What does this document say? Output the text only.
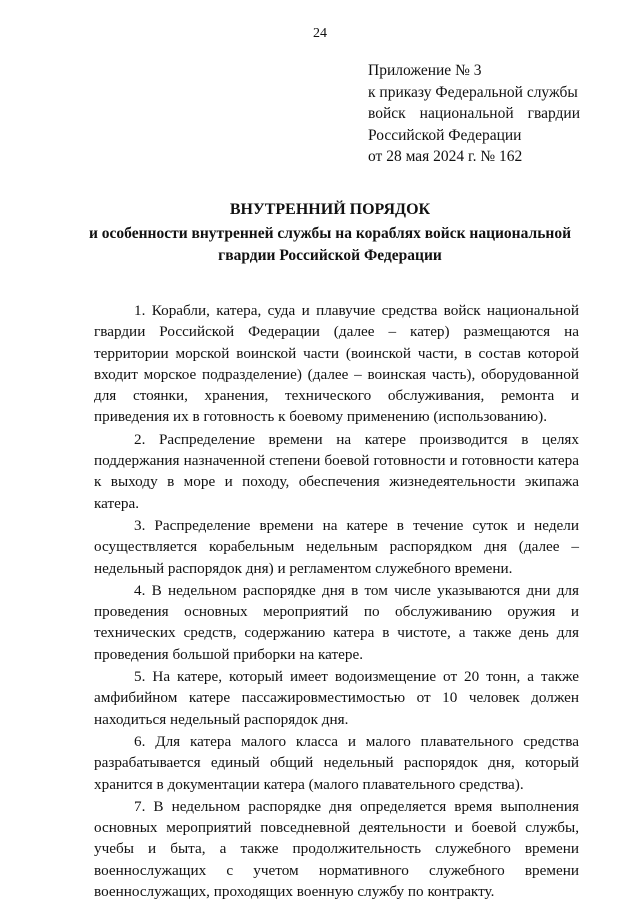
24
Приложение № 3
к приказу Федеральной службы
войск национальной гвардии
Российской Федерации
от 28 мая 2024 г. № 162
ВНУТРЕННИЙ ПОРЯДОК
и особенности внутренней службы на кораблях войск национальной гвардии Российской Федерации

1. Корабли, катера, суда и плавучие средства войск национальной гвардии Российской Федерации (далее – катер) размещаются на территории морской воинской части (воинской части, в состав которой входит морское подразделение) (далее – воинская часть), оборудованной для стоянки, хранения, технического обслуживания, ремонта и приведения их в готовность к боевому применению (использованию).

2. Распределение времени на катере производится в целях поддержания назначенной степени боевой готовности и готовности катера к выходу в море и походу, обеспечения жизнедеятельности экипажа катера.

3. Распределение времени на катере в течение суток и недели осуществляется корабельным недельным распорядком дня (далее – недельный распорядок дня) и регламентом служебного времени.

4. В недельном распорядке дня в том числе указываются дни для проведения основных мероприятий по обслуживанию оружия и технических средств, содержанию катера в чистоте, а также день для проведения большой приборки на катере.

5. На катере, который имеет водоизмещение от 20 тонн, а также амфибийном катере пассажировместимостью от 10 человек должен находиться недельный распорядок дня.

6. Для катера малого класса и малого плавательного средства разрабатывается единый общий недельный распорядок дня, который хранится в документации катера (малого плавательного средства).

7. В недельном распорядке дня определяется время выполнения основных мероприятий повседневной деятельности и боевой службы, учебы и быта, а также продолжительность служебного времени военнослужащих с учетом нормативного служебного времени военнослужащих, проходящих военную службу по контракту.
